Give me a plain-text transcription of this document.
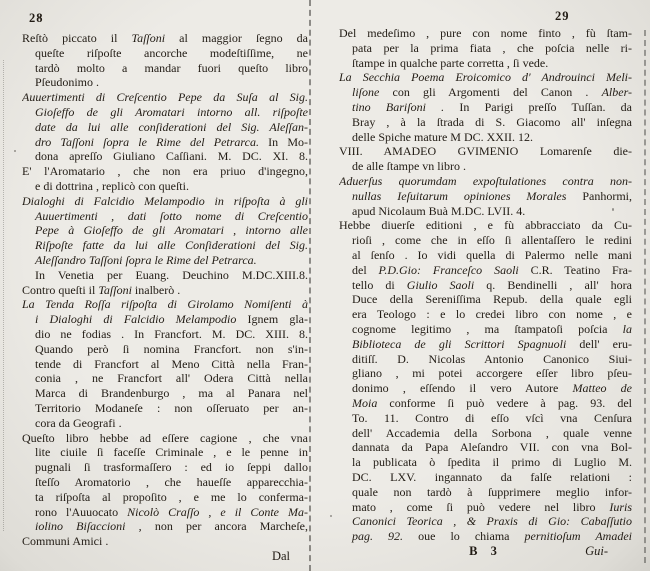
28	29
Reſtò piccato il Taſſoni al maggior ſegno da
queſte riſpoſte ancorche modeſtiſſime, ne
tardò molto a mandar fuori queſto libro
Pſeudonimo .
Auuertimenti di Creſcentio Pepe da Suſa al Sig.
Gioſeffo de gli Aromatari intorno all. riſpoſte
date da lui alle conſiderationi del Sig. Aleſſan-
dro Taſſoni ſopra le Rime del Petrarca. In Mo-
dona apreſſo Giuliano Caſſiani. M. DC. XI. 8.
E' l'Aromatario , che non era priuo d'ingegno,
e di dottrina , replicò con queſti.
Dialoghi di Falcidio Melampodio in riſpoſta à gli
Auuertimenti , dati ſotto nome di Creſcentio
Pepe à Gioſeffo de gli Aromatari , intorno alle
Riſpoſte fatte da lui alle Conſiderationi del Sig.
Aleſſandro Taſſoni ſopra le Rime del Petrarca.
In Venetia per Euang. Deuchino M.DC.XIII.8.
Contro queſti il Taſſoni inalberò .
La Tenda Roſſa riſpoſta di Girolamo Nomiſenti à
i Dialoghi di Falcidio Melampodio Ignem gla-
dio ne fodias . In Francfort. M. DC. XIII. 8.
Quando però ſi nomina Francfort. non s'in-
tende di Francfort al Meno Città nella Fran-
conia , ne Francfort all' Odera Città nella
Marca di Brandenburgo , ma al Panara nel
Territorio Modaneſe : non oſſeruato per an-
cora da Geografi .
Queſto libro hebbe ad eſſere cagione , che vna
lite ciuile ſi faceſſe Criminale , e le penne in
pugnali ſi trasformaſſero : ed io ſeppi dallo
ſteſſo Aromatorio , che haueſſe apparecchia-
ta riſpoſta al propoſito , e me lo conferma-
rono l'Auuocato Nicolò Craſſo , e il Conte Ma-
iolino Biſaccioni , non per ancora Marcheſe,
Communi Amici .
Dal
Del medeſimo , pure con nome finto , fù ſtam-
pata per la prima fiata , che poſcia nelle ri-
ſtampe in qualche parte corretta , ſi vede.
La Secchia Poema Eroicomico d' Androuinci Meli-
liſone con gli Argomenti del Canon . Alber-
tino Bariſoni . In Parigi preſſo Tuſſan. da
Bray , à la ſtrada di S. Giacomo all' inſegna
delle Spiche mature M DC. XXII. 12.
VIII. AMADEO GVIMENIO Lomarenſe die-
de alle ſtampe vn libro .
Aduerſus quorumdam expoſtulationes contra non-
nullas Ieſuitarum opiniones Morales Panhormi,
apud Nicolaum Buà M.DC. LVII. 4.
Hebbe diuerſe editioni , e fù abbracciato da Cu-
rioſi , come che in eſſo ſi allentaſſero le redini
al ſenſo . Io vidi quella di Palermo nelle mani
del P.D.Gio: Franceſco Saoli C.R. Teatino Fra-
tello di Giulio Saoli q. Bendinelli , all' hora
Duce della Sereniſſima Repub. della quale egli
era Teologo : e lo credei libro con nome , e
cognome legitimo , ma ſtampatoſi poſcia la
Biblioteca de gli Scrittori Spagnuoli dell' eru-
ditiſſ. D. Nicolas Antonio Canonico Siui-
gliano , mi potei accorgere eſſer libro pſeu-
donimo , eſſendo il vero Autore Matteo de
Moia conforme ſi può vedere à pag. 93. del
To. 11. Contro di eſſo vſcì vna Cenſura
dell' Accademia della Sorbona , quale venne
dannata da Papa Aleſandro VII. con vna Bol-
la publicata ò ſpedita il primo di Luglio M.
DC. LXV. ingannato da falſe relationi :
quale non tardò à ſupprimere meglio infor-
mato , come ſi può vedere nel libro Iuris
Canonici Teorica , & Praxis di Gio: Cabaſſutio
pag. 92. oue lo chiama pernitioſum Amadei
B 3	Gui-
